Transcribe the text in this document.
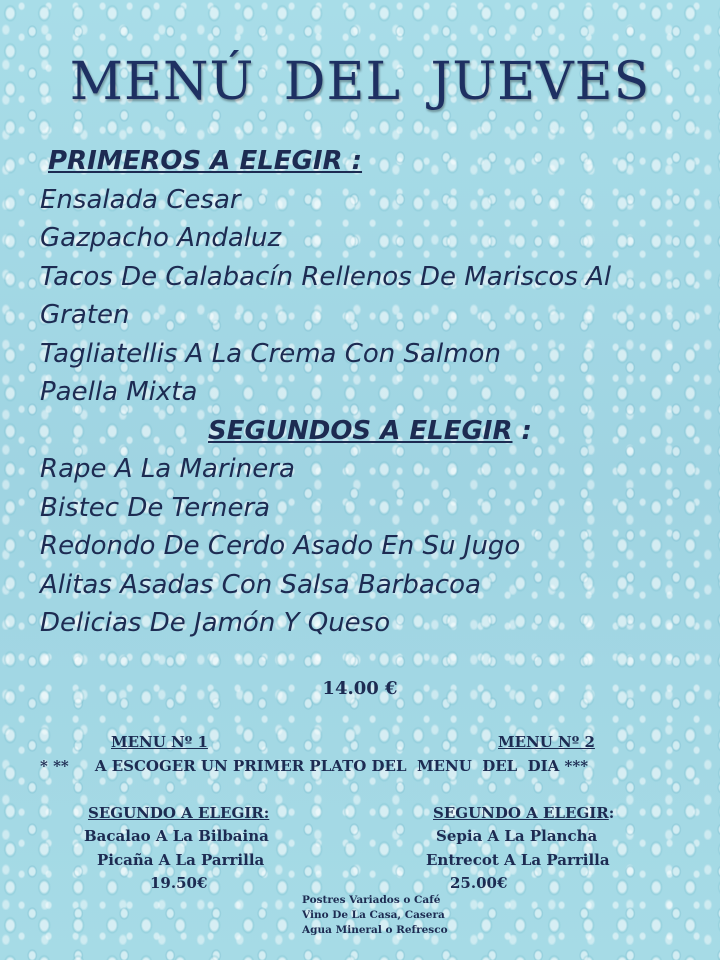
MENÚ DEL JUEVES
PRIMEROS A ELEGIR :
Ensalada Cesar
Gazpacho Andaluz
Tacos De Calabacín Rellenos De Mariscos Al Graten
Tagliatellis A La Crema Con Salmon
Paella Mixta
SEGUNDOS A ELEGIR :
Rape A La Marinera
Bistec De Ternera
Redondo De Cerdo Asado En Su Jugo
Alitas Asadas Con Salsa Barbacoa
Delicias De Jamón Y Queso
14.00 €
MENU Nº 1	MENU Nº 2
* **     A ESCOGER UN PRIMER PLATO DEL  MENU  DEL  DIA ***
SEGUNDO A ELEGIR:	SEGUNDO A ELEGIR:
Bacalao A La Bilbaina	Sepia A La Plancha
Picaña A La Parrilla	Entrecot A La Parrilla
19.50€	25.00€
Postres Variados o Café
Vino De La Casa, Casera
Agua Mineral o Refresco
